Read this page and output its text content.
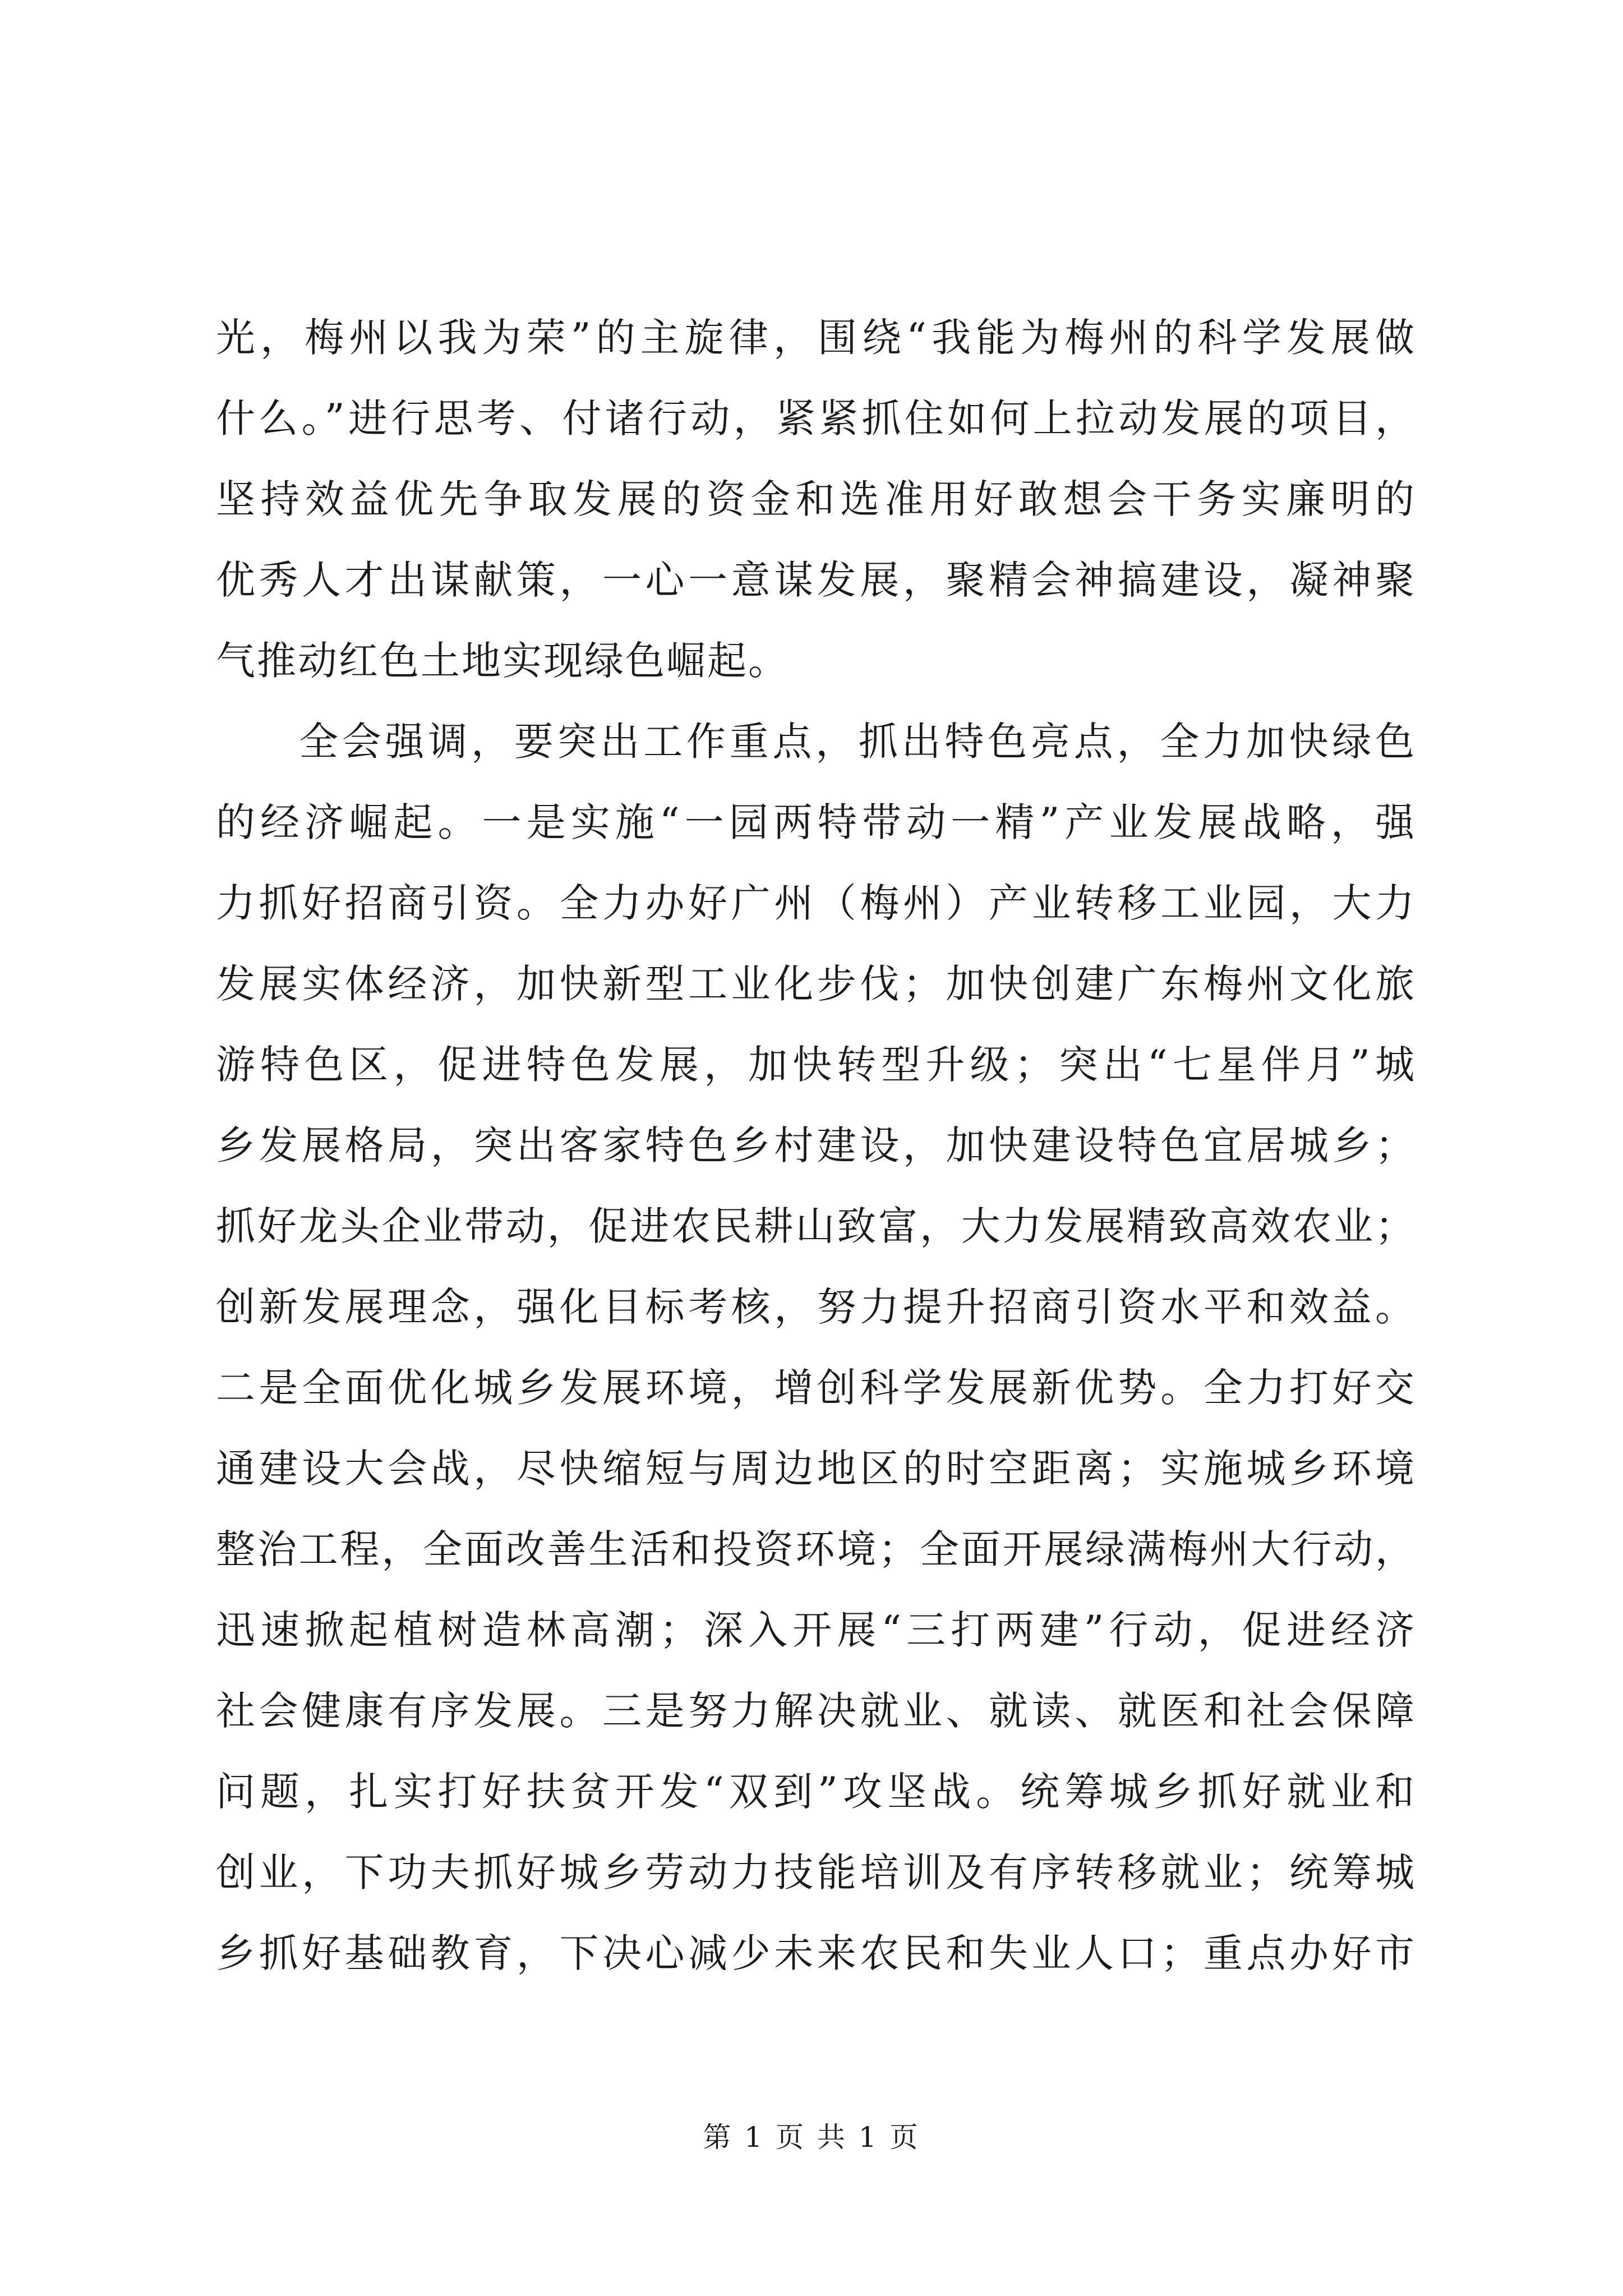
光，梅州以我为荣”的主旋律，围绕“我能为梅州的科学发展做
什么。”进行思考、付诸行动，紧紧抓住如何上拉动发展的项目，
坚持效益优先争取发展的资金和选准用好敢想会干务实廉明的
优秀人才出谋献策，一心一意谋发展，聚精会神搞建设，凝神聚
气推动红色土地实现绿色崛起。
全会强调，要突出工作重点，抓出特色亮点，全力加快绿色
的经济崛起。一是实施“一园两特带动一精”产业发展战略，强
力抓好招商引资。全力办好广州（梅州）产业转移工业园，大力
发展实体经济，加快新型工业化步伐；加快创建广东梅州文化旅
游特色区，促进特色发展，加快转型升级；突出“七星伴月”城
乡发展格局，突出客家特色乡村建设，加快建设特色宜居城乡；
抓好龙头企业带动，促进农民耕山致富，大力发展精致高效农业；
创新发展理念，强化目标考核，努力提升招商引资水平和效益。
二是全面优化城乡发展环境，增创科学发展新优势。全力打好交
通建设大会战，尽快缩短与周边地区的时空距离；实施城乡环境
整治工程，全面改善生活和投资环境；全面开展绿满梅州大行动，
迅速掀起植树造林高潮；深入开展“三打两建”行动，促进经济
社会健康有序发展。三是努力解决就业、就读、就医和社会保障
问题，扎实打好扶贫开发“双到”攻坚战。统筹城乡抓好就业和
创业，下功夫抓好城乡劳动力技能培训及有序转移就业；统筹城
乡抓好基础教育，下决心减少未来农民和失业人口；重点办好市
第 1 页 共 1 页
